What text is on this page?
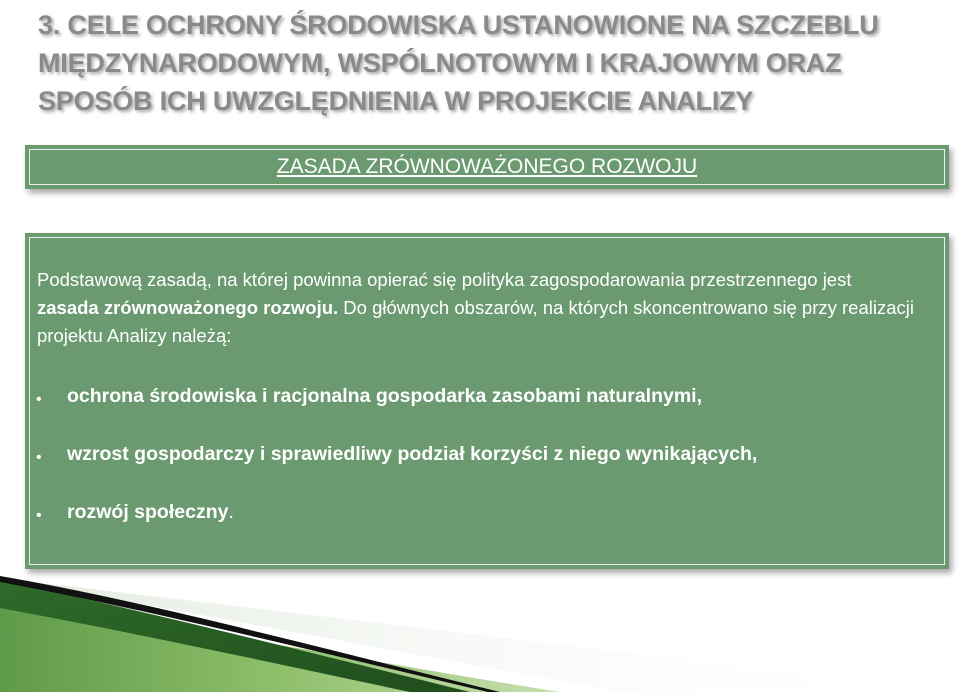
3. CELE OCHRONY ŚRODOWISKA USTANOWIONE NA SZCZEBLU
MIĘDZYNARODOWYM, WSPÓLNOTOWYM I KRAJOWYM ORAZ
SPOSÓB ICH UWZGLĘDNIENIA W PROJEKCIE ANALIZY
ZASADA ZRÓWNOWAŻONEGO ROZWOJU

Podstawową zasadą, na której powinna opierać się polityka zagospodarowania przestrzennego jest
zasada zrównoważonego rozwoju. Do głównych obszarów, na których skoncentrowano się przy realizacji projektu Analizy należą:

• ochrona środowiska i racjonalna gospodarka zasobami naturalnymi,
• wzrost gospodarczy i sprawiedliwy podział korzyści z niego wynikających,
• rozwój społeczny.
